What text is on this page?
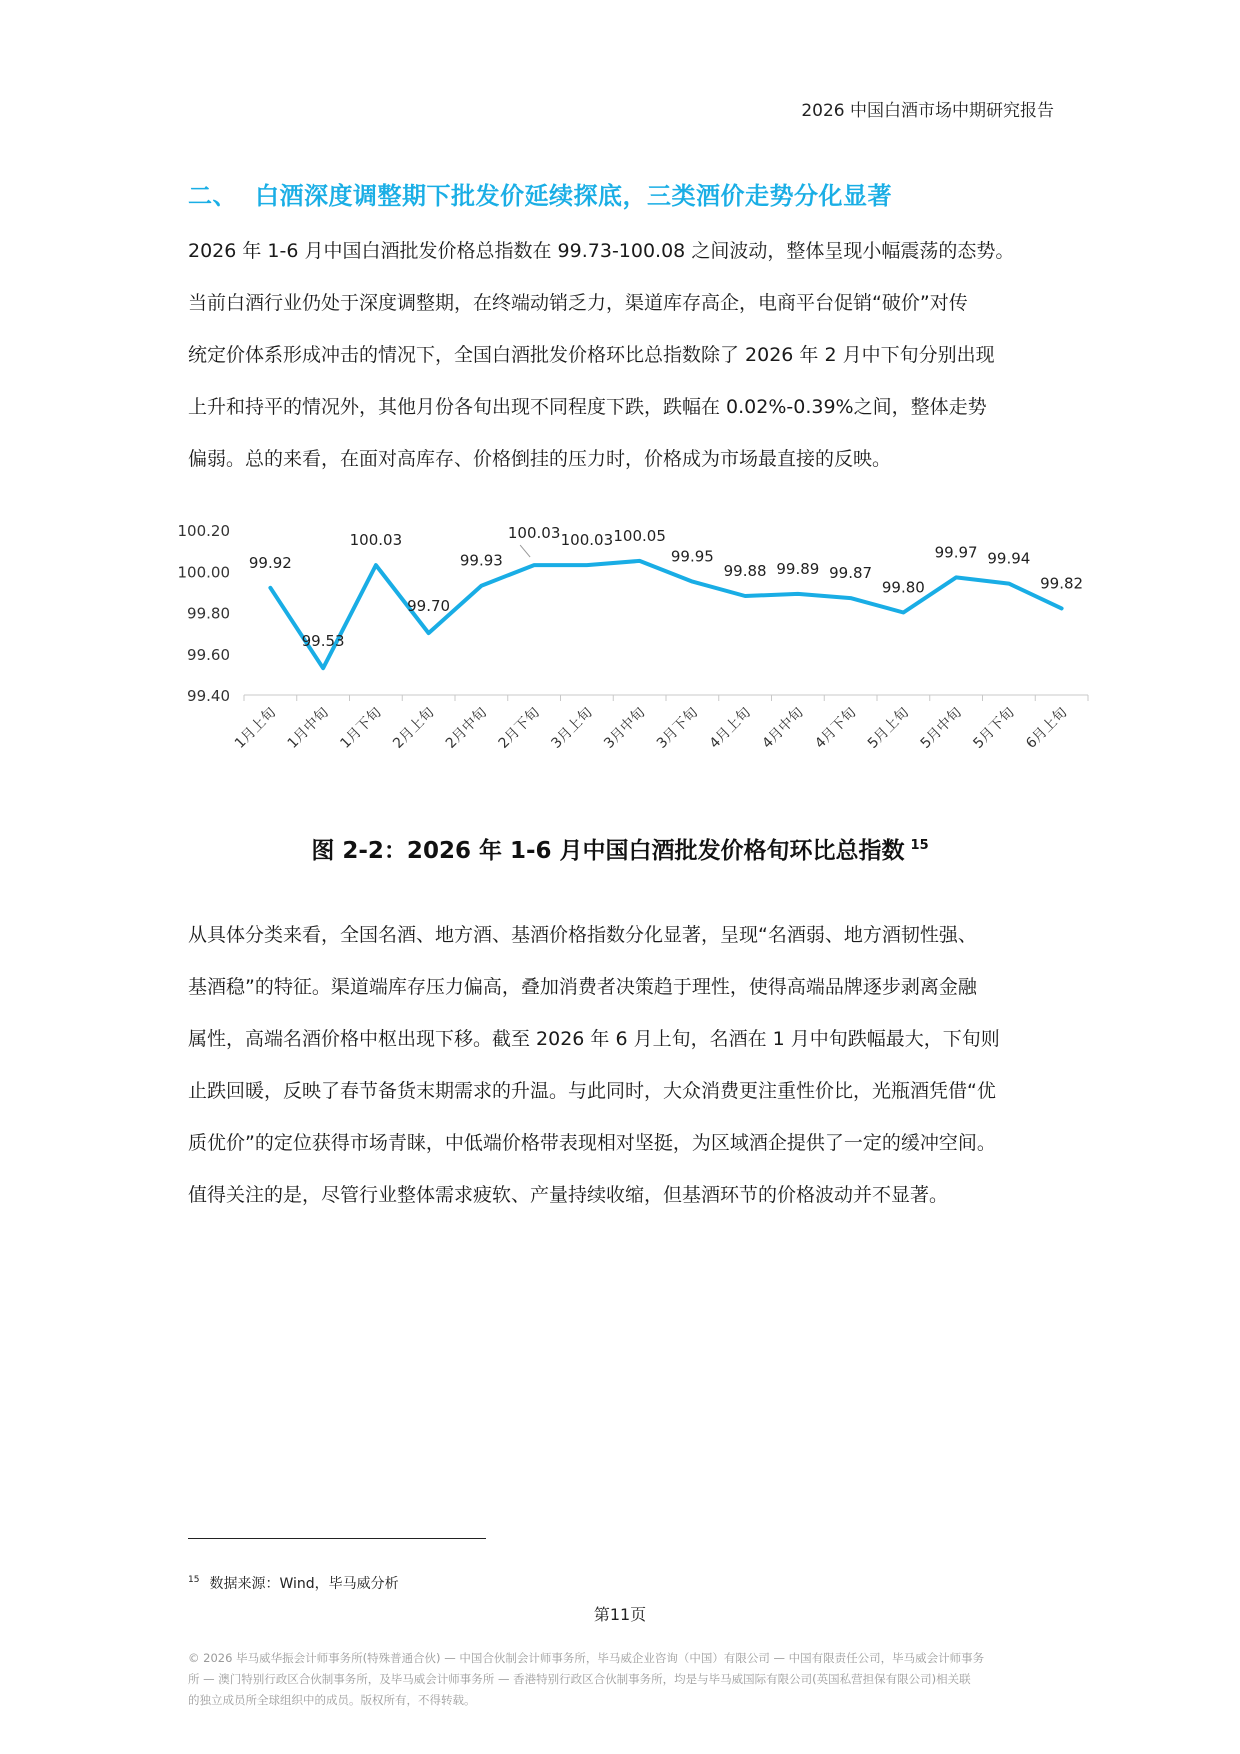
2026 中国白酒市场中期研究报告
二、 白酒深度调整期下批发价延续探底，三类酒价走势分化显著

2026 年 1-6 月中国白酒批发价格总指数在 99.73-100.08 之间波动，整体呈现小幅震荡的态势。

当前白酒行业仍处于深度调整期，在终端动销乏力，渠道库存高企，电商平台促销“破价”对传

统定价体系形成冲击的情况下，全国白酒批发价格环比总指数除了 2026 年 2 月中下旬分别出现

上升和持平的情况外，其他月份各旬出现不同程度下跌，跌幅在 0.02%-0.39%之间，整体走势

偏弱。总的来看，在面对高库存、价格倒挂的压力时，价格成为市场最直接的反映。

100.20
100.00
99.80
99.60
99.40
1月上旬 1月中旬 1月下旬 2月上旬 2月中旬 2月下旬 3月上旬 3月中旬 3月下旬 4月上旬 4月中旬 4月下旬 5月上旬 5月中旬 5月下旬 6月上旬
99.92
99.53
100.03
99.70
99.93
100.03 100.03 100.05
99.95
99.88 99.89 99.87
99.80
99.97 99.94
99.82
图 2-2：2026 年 1-6 月中国白酒批发价格旬环比总指数 $^{15}$

从具体分类来看，全国名酒、地方酒、基酒价格指数分化显著，呈现“名酒弱、地方酒韧性强、

基酒稳”的特征。渠道端库存压力偏高，叠加消费者决策趋于理性，使得高端品牌逐步剥离金融

属性，高端名酒价格中枢出现下移。截至 2026 年 6 月上旬，名酒在 1 月中旬跌幅最大，下旬则

止跌回暖，反映了春节备货末期需求的升温。与此同时，大众消费更注重性价比，光瓶酒凭借“优

质优价”的定位获得市场青睐，中低端价格带表现相对坚挺，为区域酒企提供了一定的缓冲空间。

值得关注的是，尽管行业整体需求疲软、产量持续收缩，但基酒环节的价格波动并不显著。

$^{15}$ 数据来源：Wind，毕马威分析
第11页

© 2026 毕马威华振会计师事务所(特殊普通合伙) — 中国合伙制会计师事务所，毕马威企业咨询（中国）有限公司 — 中国有限责任公司，毕马威会计师事务

所 — 澳门特别行政区合伙制事务所，及毕马威会计师事务所 — 香港特别行政区合伙制事务所，均是与毕马威国际有限公司(英国私营担保有限公司)相关联

的独立成员所全球组织中的成员。版权所有，不得转载。
